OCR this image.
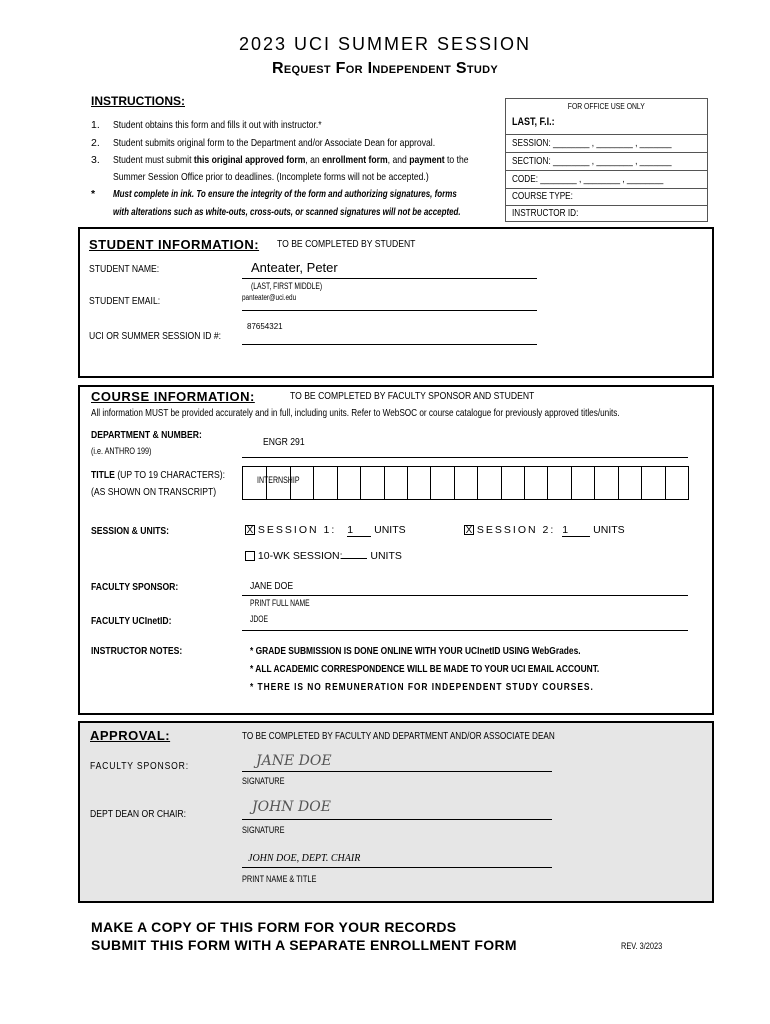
2023 UCI SUMMER SESSION
Request For Independent Study
INSTRUCTIONS:
1. Student obtains this form and fills it out with instructor.*
2. Student submits original form to the Department and/or Associate Dean for approval.
3. Student must submit this original approved form, an enrollment form, and payment to the
Summer Session Office prior to deadlines. (Incomplete forms will not be accepted.)
* Must complete in ink. To ensure the integrity of the form and authorizing signatures, forms
with alterations such as white-outs, cross-outs, or scanned signatures will not be accepted.
FOR OFFICE USE ONLY
LAST, F.I.:
SESSION: ________ , ________ , _______
SECTION: ________ , ________ , _______
CODE: ________ , ________ , ________
COURSE TYPE:
INSTRUCTOR ID:
STUDENT INFORMATION: TO BE COMPLETED BY STUDENT
STUDENT NAME:	Anteater, Peter
(LAST, FIRST MIDDLE)
STUDENT EMAIL:	panteater@uci.edu
UCI OR SUMMER SESSION ID #:
87654321
COURSE INFORMATION:	TO BE COMPLETED BY FACULTY SPONSOR AND STUDENT
All information MUST be provided accurately and in full, including units. Refer to WebSOC or course catalogue for previously approved titles/units.
DEPARTMENT & NUMBER:
(i.e. ANTHRO 199)
ENGR 291
TITLE (UP TO 19 CHARACTERS):
(AS SHOWN ON TRANSCRIPT)
INTERNSHIP
SESSION & UNITS:	X SESSION 1: 1 UNITS	X SESSION 2: 1 UNITS
10-WK SESSION:	UNITS
FACULTY SPONSOR:	JANE DOE
PRINT FULL NAME
FACULTY UCInetID:	JDOE
INSTRUCTOR NOTES:	* GRADE SUBMISSION IS DONE ONLINE WITH YOUR UCInetID USING WebGrades.
* ALL ACADEMIC CORRESPONDENCE WILL BE MADE TO YOUR UCI EMAIL ACCOUNT.
* THERE IS NO REMUNERATION FOR INDEPENDENT STUDY COURSES.
APPROVAL:	TO BE COMPLETED BY FACULTY AND DEPARTMENT AND/OR ASSOCIATE DEAN
FACULTY SPONSOR:	JANE DOE
SIGNATURE
DEPT DEAN OR CHAIR:	JOHN DOE
SIGNATURE
JOHN DOE, DEPT. CHAIR
PRINT NAME & TITLE
MAKE A COPY OF THIS FORM FOR YOUR RECORDS
SUBMIT THIS FORM WITH A SEPARATE ENROLLMENT FORM	REV. 3/2023
